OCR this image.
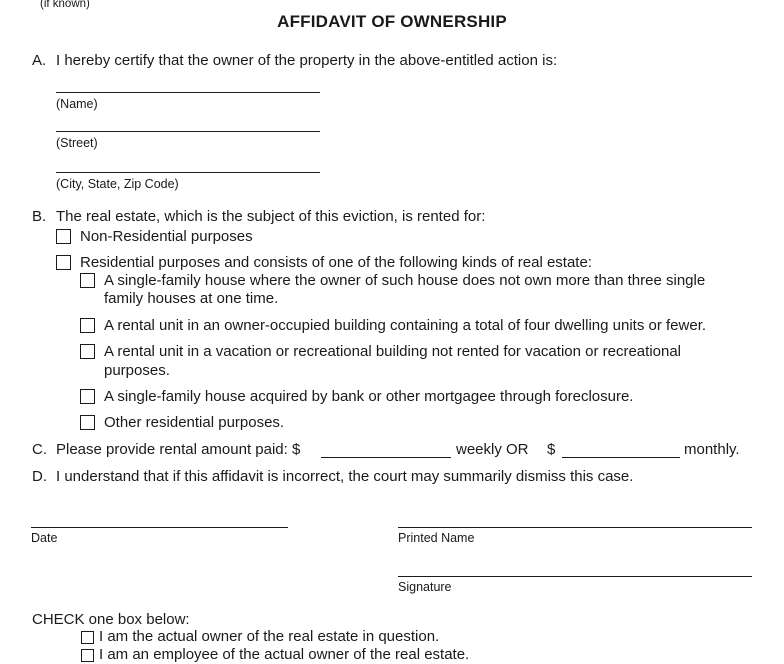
(if known)
AFFIDAVIT OF OWNERSHIP
A. I hereby certify that the owner of the property in the above-entitled action is:
(Name)
(Street)
(City, State, Zip Code)
B. The real estate, which is the subject of this eviction, is rented for:
Non-Residential purposes
Residential purposes and consists of one of the following kinds of real estate:
A single-family house where the owner of such house does not own more than three single
family houses at one time.
A rental unit in an owner-occupied building containing a total of four dwelling units or fewer.
A rental unit in a vacation or recreational building not rented for vacation or recreational
purposes.
A single-family house acquired by bank or other mortgagee through foreclosure.
Other residential purposes.
C. Please provide rental amount paid: $	weekly OR $	monthly.
D. I understand that if this affidavit is incorrect, the court may summarily dismiss this case.
Date	Printed Name
Signature
CHECK one box below:
I am the actual owner of the real estate in question.
I am an employee of the actual owner of the real estate.
